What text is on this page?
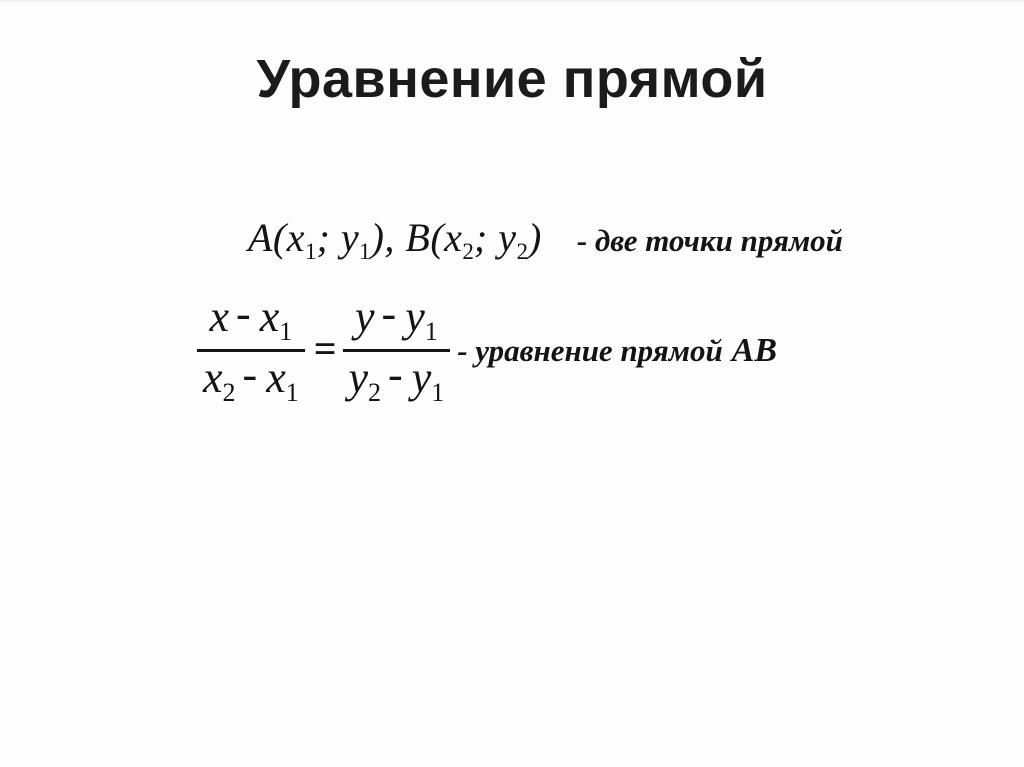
Уравнение прямой
$A(x_1$; $y_1$), $B(x_2$; $y_2$) - две точки прямой
$\frac{x - x_1}{x_2 - x_1} = \frac{y - y_1}{y_2 - y_1}$ - уравнение прямой AB
